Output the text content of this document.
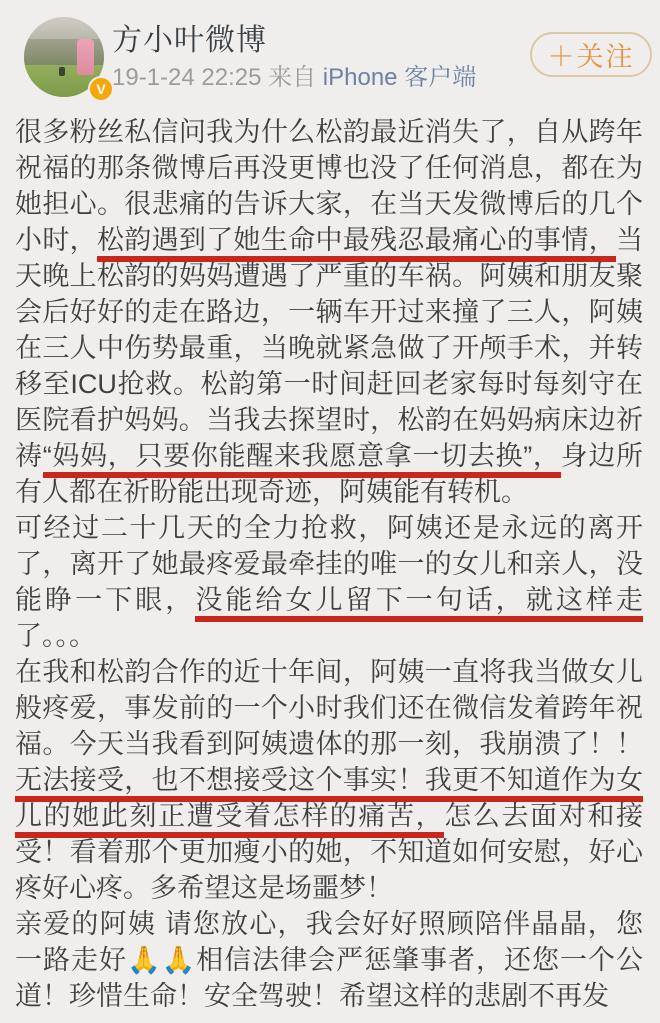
V
方小叶微博
19-1-24 22:25 来自 iPhone 客户端
＋关注

很多粉丝私信问我为什么松韵最近消失了，自从跨年祝福的那条微博后再没更博也没了任何消息，都在为她担心。很悲痛的告诉大家，在当天发微博后的几个小时，松韵遇到了她生命中最残忍最痛心的事情，当天晚上松韵的妈妈遭遇了严重的车祸。阿姨和朋友聚会后好好的走在路边，一辆车开过来撞了三人，阿姨在三人中伤势最重，当晚就紧急做了开颅手术，并转移至ICU抢救。松韵第一时间赶回老家每时每刻守在医院看护妈妈。当我去探望时，松韵在妈妈病床边祈祷“妈妈，只要你能醒来我愿意拿一切去换”，身边所有人都在祈盼能出现奇迹，阿姨能有转机。

可经过二十几天的全力抢救，阿姨还是永远的离开了，离开了她最疼爱最牵挂的唯一的女儿和亲人，没能睁一下眼，没能给女儿留下一句话，就这样走了。。。

在我和松韵合作的近十年间，阿姨一直将我当做女儿般疼爱，事发前的一个小时我们还在微信发着跨年祝福。今天当我看到阿姨遗体的那一刻，我崩溃了！！无法接受，也不想接受这个事实！我更不知道作为女儿的她此刻正遭受着怎样的痛苦，怎么去面对和接受！看着那个更加瘦小的她，不知道如何安慰，好心疼好心疼。多希望这是场噩梦！

亲爱的阿姨 请您放心，我会好好照顾陪伴晶晶，您一路走好🙏🙏相信法律会严惩肇事者，还您一个公道！珍惜生命！安全驾驶！希望这样的悲剧不再发
